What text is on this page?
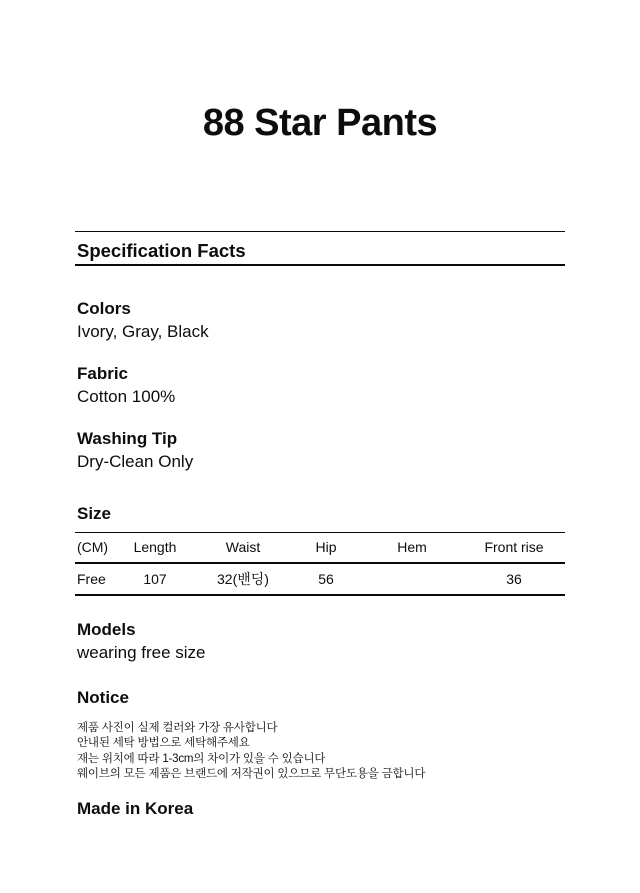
88 Star Pants
Specification Facts
Colors
Ivory, Gray, Black
Fabric
Cotton 100%
Washing Tip
Dry-Clean Only
Size
(CM)	Length	Waist	Hip	Hem	Front rise
Free	107	32(밴딩)	56		36
Models
wearing free size
Notice
제품 사진이 실제 컬러와 가장 유사합니다
안내된 세탁 방법으로 세탁해주세요
재는 위치에 따라 1-3cm의 차이가 있을 수 있습니다
웨이브의 모든 제품은 브랜드에 저작권이 있으므로 무단도용을 금합니다
Made in Korea
